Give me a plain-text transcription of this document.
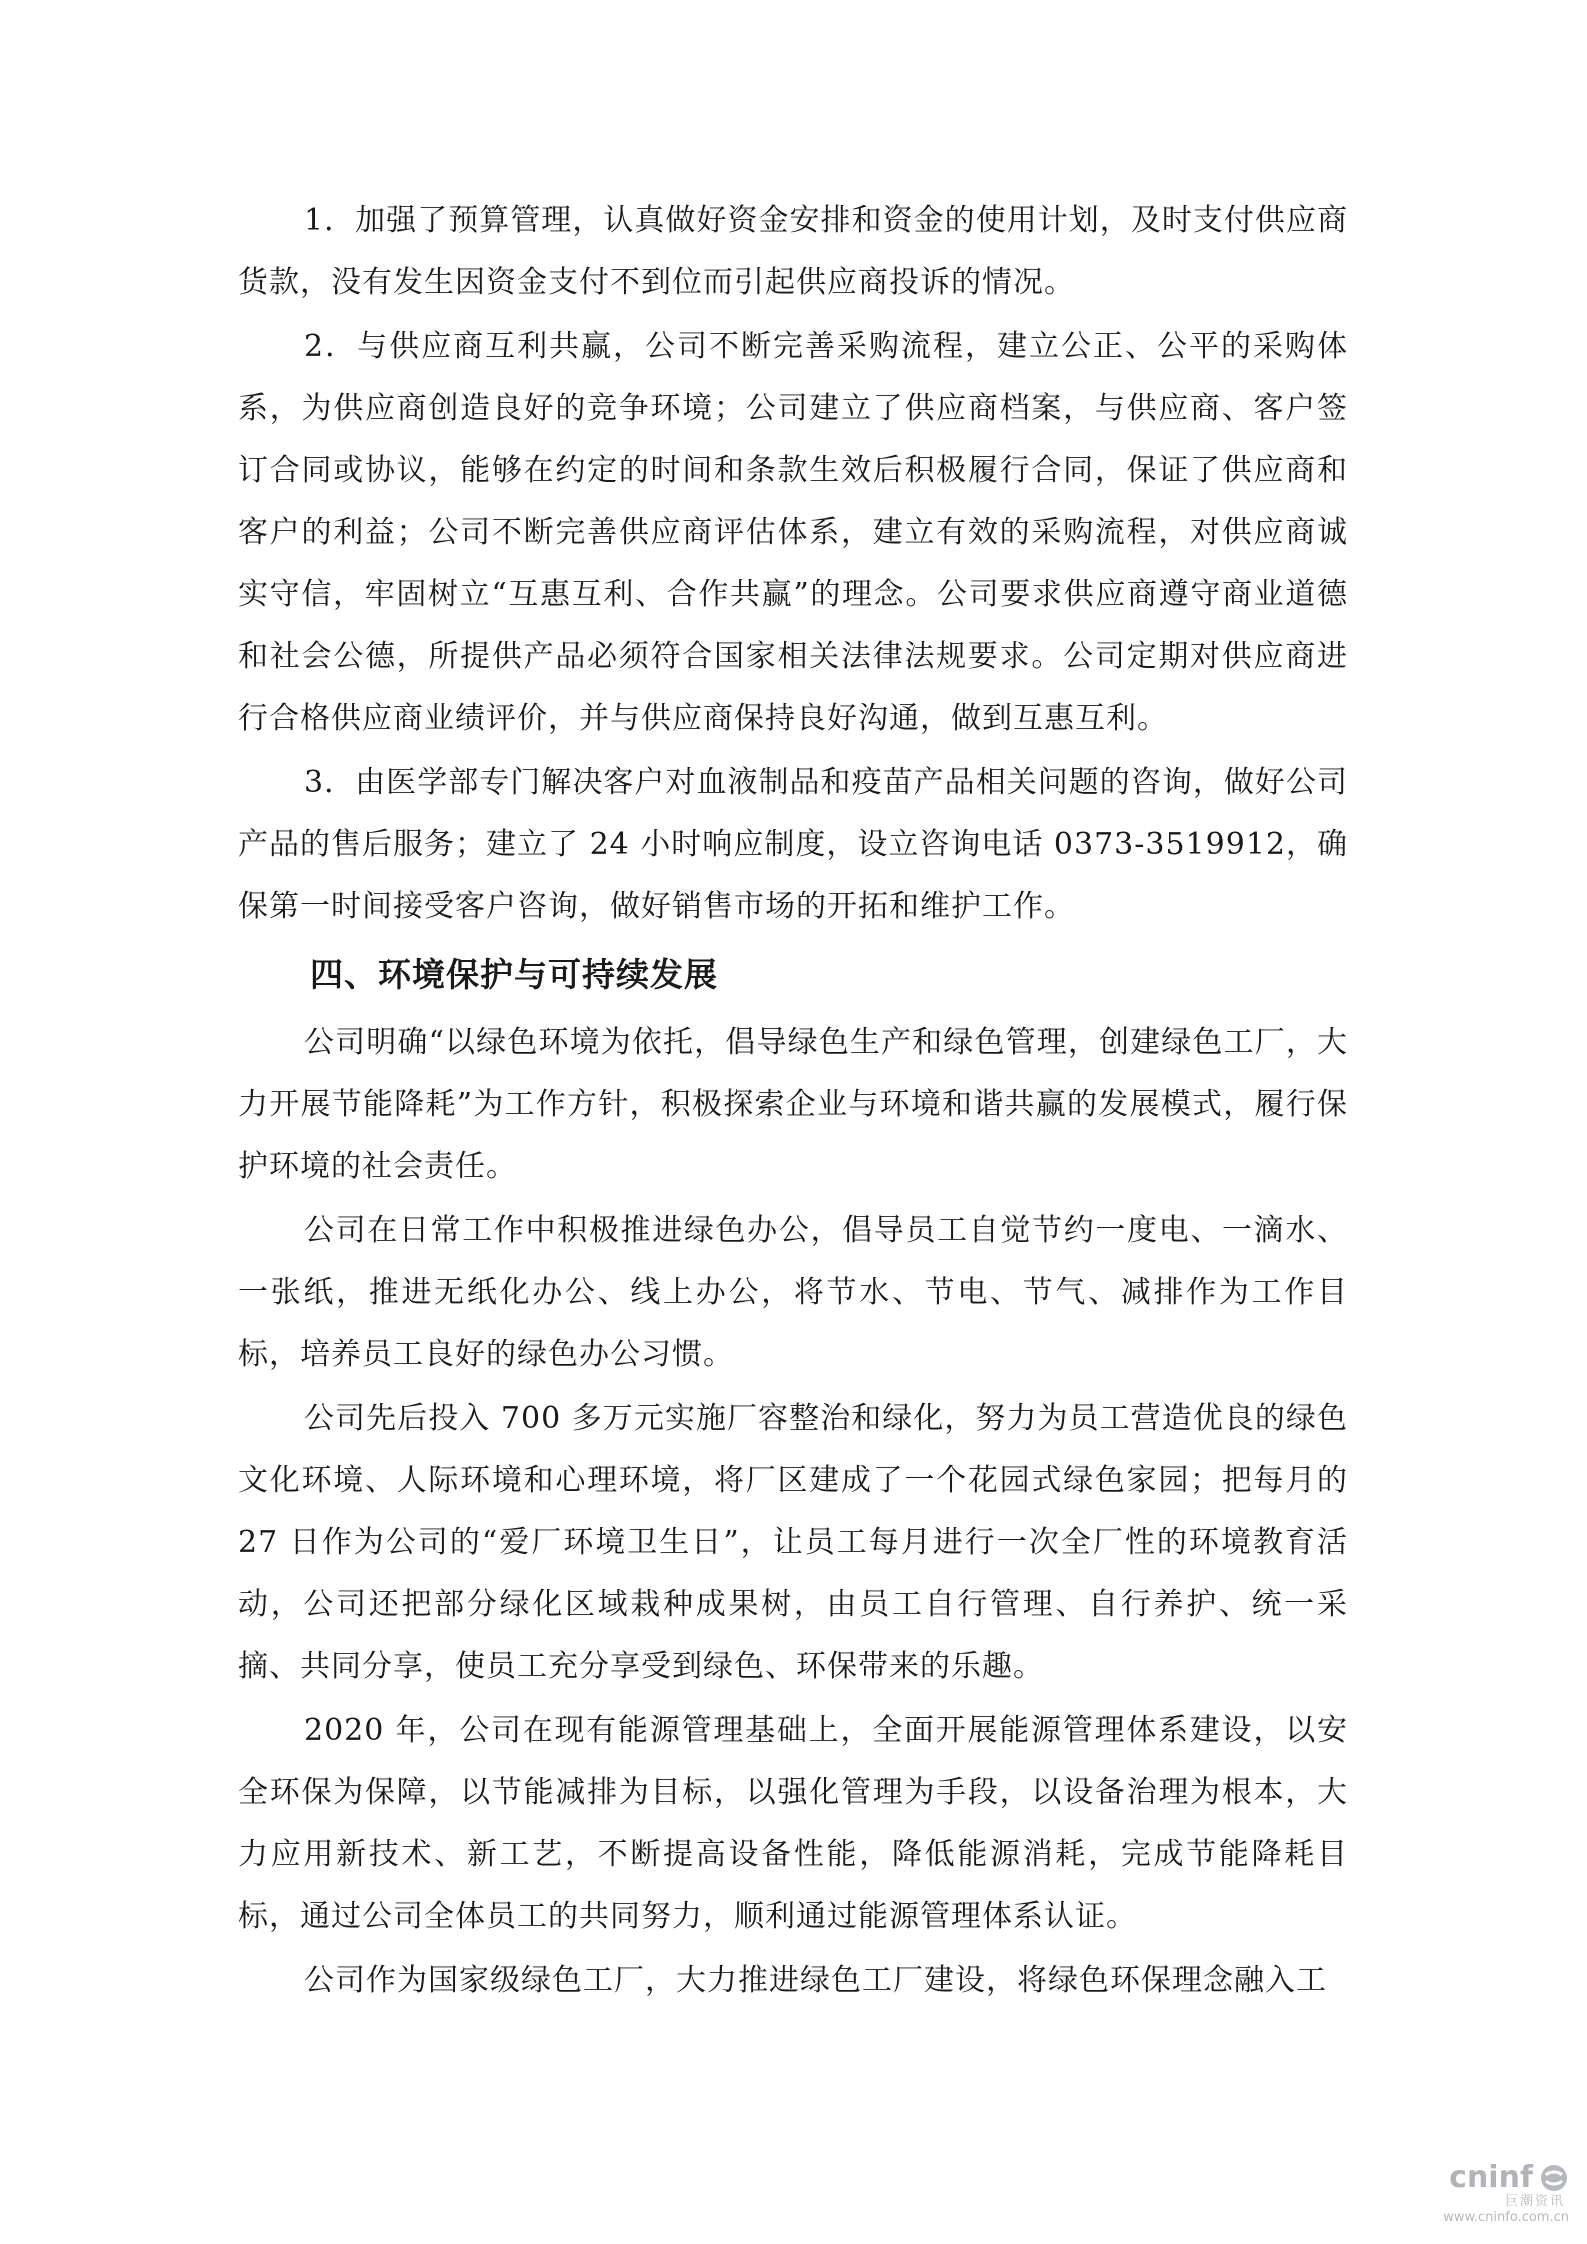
1．加强了预算管理，认真做好资金安排和资金的使用计划，及时支付供应商货款，没有发生因资金支付不到位而引起供应商投诉的情况。

2．与供应商互利共赢，公司不断完善采购流程，建立公正、公平的采购体系，为供应商创造良好的竞争环境；公司建立了供应商档案，与供应商、客户签订合同或协议，能够在约定的时间和条款生效后积极履行合同，保证了供应商和客户的利益；公司不断完善供应商评估体系，建立有效的采购流程，对供应商诚实守信，牢固树立“互惠互利、合作共赢”的理念。公司要求供应商遵守商业道德和社会公德，所提供产品必须符合国家相关法律法规要求。公司定期对供应商进行合格供应商业绩评价，并与供应商保持良好沟通，做到互惠互利。

3．由医学部专门解决客户对血液制品和疫苗产品相关问题的咨询，做好公司产品的售后服务；建立了 24 小时响应制度，设立咨询电话 0373-3519912，确保第一时间接受客户咨询，做好销售市场的开拓和维护工作。

四、环境保护与可持续发展

公司明确“以绿色环境为依托，倡导绿色生产和绿色管理，创建绿色工厂，大力开展节能降耗”为工作方针，积极探索企业与环境和谐共赢的发展模式，履行保护环境的社会责任。

公司在日常工作中积极推进绿色办公，倡导员工自觉节约一度电、一滴水、一张纸，推进无纸化办公、线上办公，将节水、节电、节气、减排作为工作目标，培养员工良好的绿色办公习惯。

公司先后投入 700 多万元实施厂容整治和绿化，努力为员工营造优良的绿色文化环境、人际环境和心理环境，将厂区建成了一个花园式绿色家园；把每月的 27 日作为公司的“爱厂环境卫生日”，让员工每月进行一次全厂性的环境教育活动，公司还把部分绿化区域栽种成果树，由员工自行管理、自行养护、统一采摘、共同分享，使员工充分享受到绿色、环保带来的乐趣。

2020 年，公司在现有能源管理基础上，全面开展能源管理体系建设，以安全环保为保障，以节能减排为目标，以强化管理为手段，以设备治理为根本，大力应用新技术、新工艺，不断提高设备性能，降低能源消耗，完成节能降耗目标，通过公司全体员工的共同努力，顺利通过能源管理体系认证。

公司作为国家级绿色工厂，大力推进绿色工厂建设，将绿色环保理念融入工

cninf
巨潮资讯
www.cninfo.com.cn
